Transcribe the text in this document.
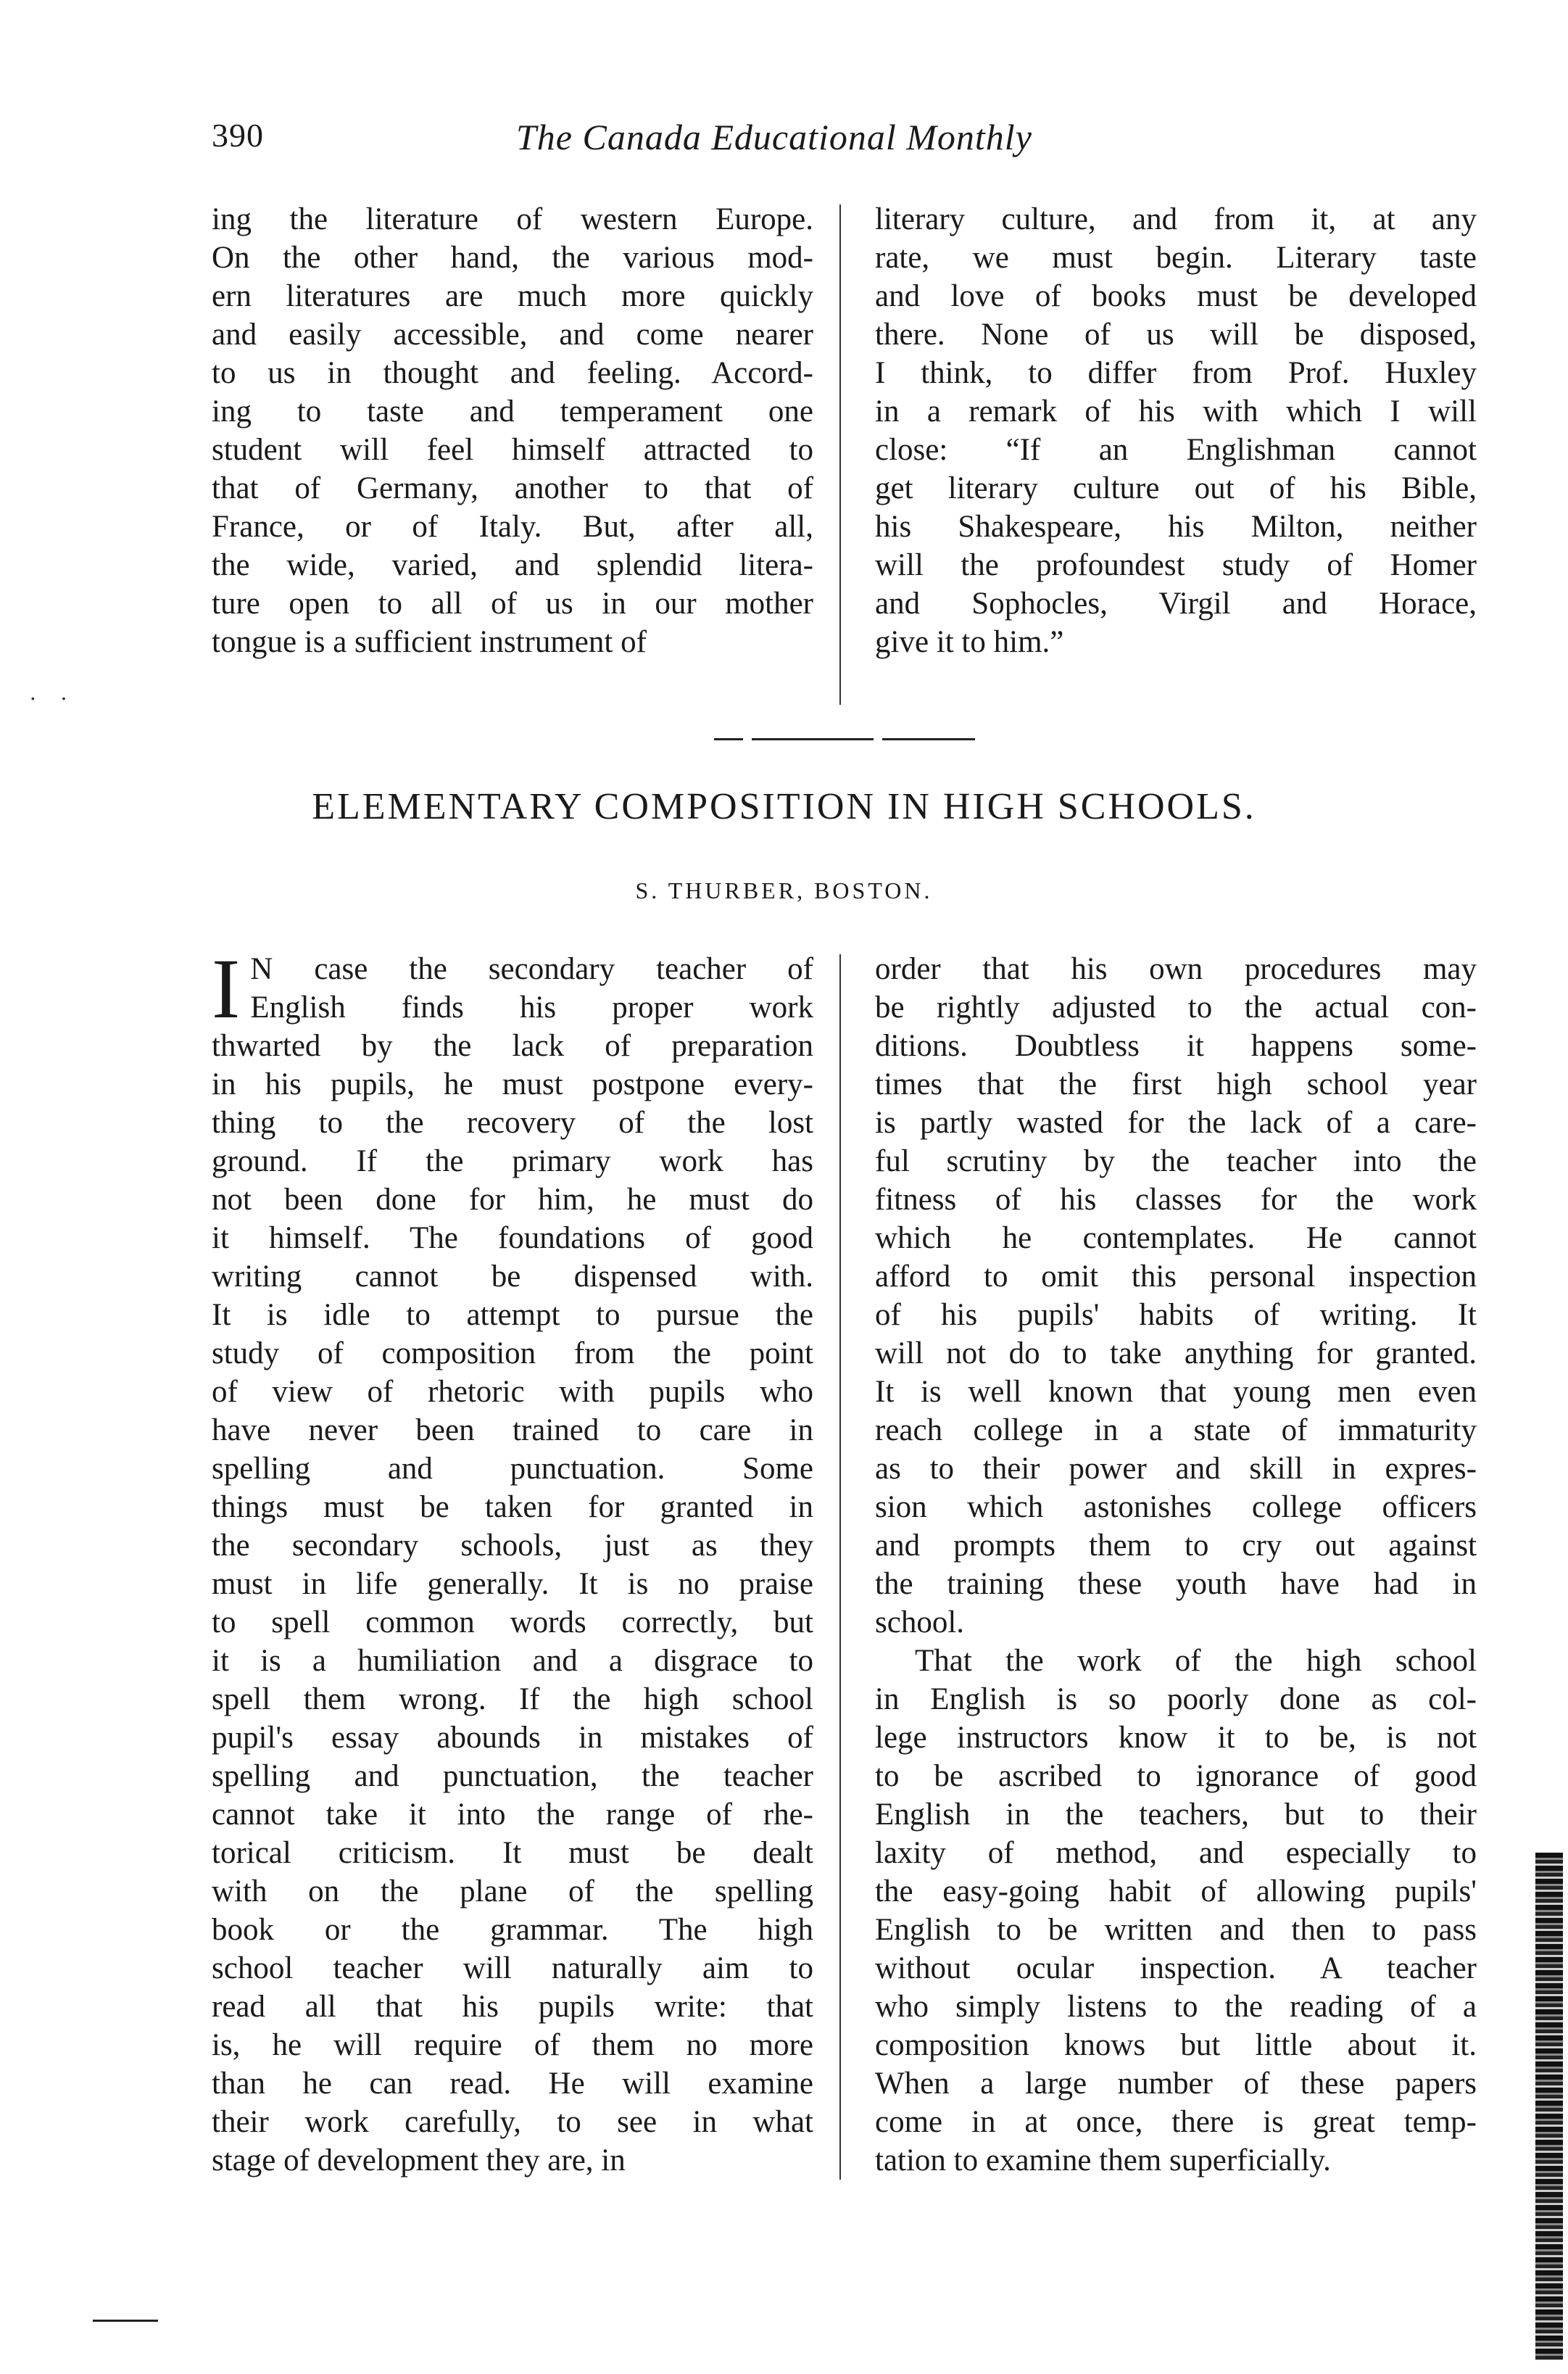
390	The Canada Educational Monthly
· ·
ing the literature of western Europe.
On the other hand, the various mod-
ern literatures are much more quickly
and easily accessible, and come nearer
to us in thought and feeling. Accord-
ing to taste and temperament one
student will feel himself attracted to
that of Germany, another to that of
France, or of Italy. But, after all,
the wide, varied, and splendid litera-
ture open to all of us in our mother
tongue is a sufficient instrument of
literary culture, and from it, at any
rate, we must begin. Literary taste
and love of books must be developed
there. None of us will be disposed,
I think, to differ from Prof. Huxley
in a remark of his with which I will
close: “If an Englishman cannot
get literary culture out of his Bible,
his Shakespeare, his Milton, neither
will the profoundest study of Homer
and Sophocles, Virgil and Horace,
give it to him.”
ELEMENTARY COMPOSITION IN HIGH SCHOOLS.
S. THURBER, BOSTON.
I N case the secondary teacher of
English finds his proper work
thwarted by the lack of preparation
in his pupils, he must postpone every-
thing to the recovery of the lost
ground. If the primary work has
not been done for him, he must do
it himself. The foundations of good
writing cannot be dispensed with.
It is idle to attempt to pursue the
study of composition from the point
of view of rhetoric with pupils who
have never been trained to care in
spelling and punctuation. Some
things must be taken for granted in
the secondary schools, just as they
must in life generally. It is no praise
to spell common words correctly, but
it is a humiliation and a disgrace to
spell them wrong. If the high school
pupil's essay abounds in mistakes of
spelling and punctuation, the teacher
cannot take it into the range of rhe-
torical criticism. It must be dealt
with on the plane of the spelling
book or the grammar. The high
school teacher will naturally aim to
read all that his pupils write: that
is, he will require of them no more
than he can read. He will examine
their work carefully, to see in what
stage of development they are, in
order that his own procedures may
be rightly adjusted to the actual con-
ditions. Doubtless it happens some-
times that the first high school year
is partly wasted for the lack of a care-
ful scrutiny by the teacher into the
fitness of his classes for the work
which he contemplates. He cannot
afford to omit this personal inspection
of his pupils' habits of writing. It
will not do to take anything for granted.
It is well known that young men even
reach college in a state of immaturity
as to their power and skill in expres-
sion which astonishes college officers
and prompts them to cry out against
the training these youth have had in
school.
That the work of the high school
in English is so poorly done as col-
lege instructors know it to be, is not
to be ascribed to ignorance of good
English in the teachers, but to their
laxity of method, and especially to
the easy-going habit of allowing pupils'
English to be written and then to pass
without ocular inspection. A teacher
who simply listens to the reading of a
composition knows but little about it.
When a large number of these papers
come in at once, there is great temp-
tation to examine them superficially.
